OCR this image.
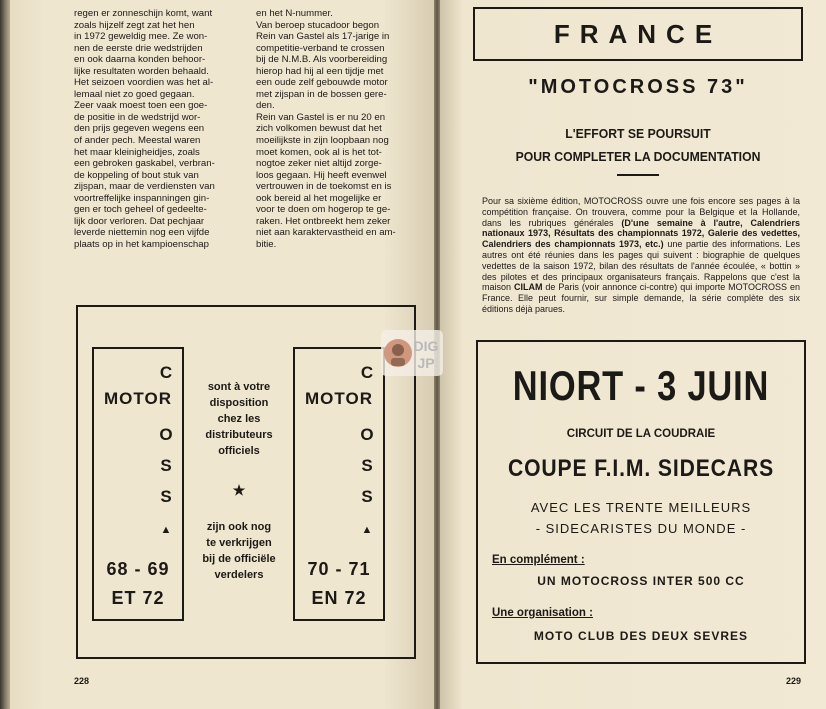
regen er zonneschijn komt, want

zoals hijzelf zegt zat het hen

in 1972 geweldig mee. Ze won-

nen de eerste drie wedstrijden

en ook daarna konden behoor-

lijke resultaten worden behaald.

Het seizoen voordien was het al-

lemaal niet zo goed gegaan.

Zeer vaak moest toen een goe-

de positie in de wedstrijd wor-

den prijs gegeven wegens een

of ander pech. Meestal waren

het maar kleinigheidjes, zoals

een gebroken gaskabel, verbran-

de koppeling of bout stuk van

zijspan, maar de verdiensten van

voortreffelijke inspanningen gin-

gen er toch geheel of gedeelte-

lijk door verloren. Dat pechjaar

leverde niettemin nog een vijfde

plaats op in het kampioenschap

en het N-nummer.

Van beroep stucadoor begon

Rein van Gastel als 17-jarige in

competitie-verband te crossen

bij de N.M.B. Als voorbereiding

hierop had hij al een tijdje met

een oude zelf gebouwde motor

met zijspan in de bossen gere-

den.

Rein van Gastel is er nu 20 en

zich volkomen bewust dat het

moeilijkste in zijn loopbaan nog

moet komen, ook al is het tot-

nogtoe zeker niet altijd zorge-

loos gegaan. Hij heeft evenwel

vertrouwen in de toekomst en is

ook bereid al het mogelijke er

voor te doen om hogerop te ge-

raken. Het ontbreekt hem zeker

niet aan karaktervastheid en am-

bitie.

C
O
S
S
MOTOR
▲
68 - 69
ET 72
sont à votre
disposition
chez les
distributeurs
officiels
★
zijn ook nog
te verkrijgen
bij de officiële
verdelers
C
O
S
S
MOTOR
▲
70 - 71
EN 72
228
FRANCE
"MOTOCROSS 73"
L'EFFORT SE POURSUIT
POUR COMPLETER LA DOCUMENTATION
Pour sa sixième édition, MOTOCROSS ouvre une fois encore ses pages à la compétition française. On trouvera, comme pour la Belgique et la Hollande, dans les rubriques générales (D'une semaine à l'autre, Calendriers nationaux 1973, Résultats des championnats 1972, Galerie des vedettes, Calendriers des championnats 1973, etc.) une partie des informations. Les autres ont été réunies dans les pages qui suivent : biographie de quelques vedettes de la saison 1972, bilan des résultats de l'année écoulée, « bottin » des pilotes et des principaux organisateurs français. Rappelons que c'est la maison CILAM de Paris (voir annonce ci-contre) qui importe MOTOCROSS en France. Elle peut fournir, sur simple demande, la série complète des six éditions déjà parues.
NIORT - 3 JUIN
CIRCUIT DE LA COUDRAIE
COUPE F.I.M. SIDECARS
AVEC LES TRENTE MEILLEURS
- SIDECARISTES DU MONDE -
En complément :
UN MOTOCROSS INTER 500 CC
Une organisation :
MOTO CLUB DES DEUX SEVRES
229
DIG
JP
